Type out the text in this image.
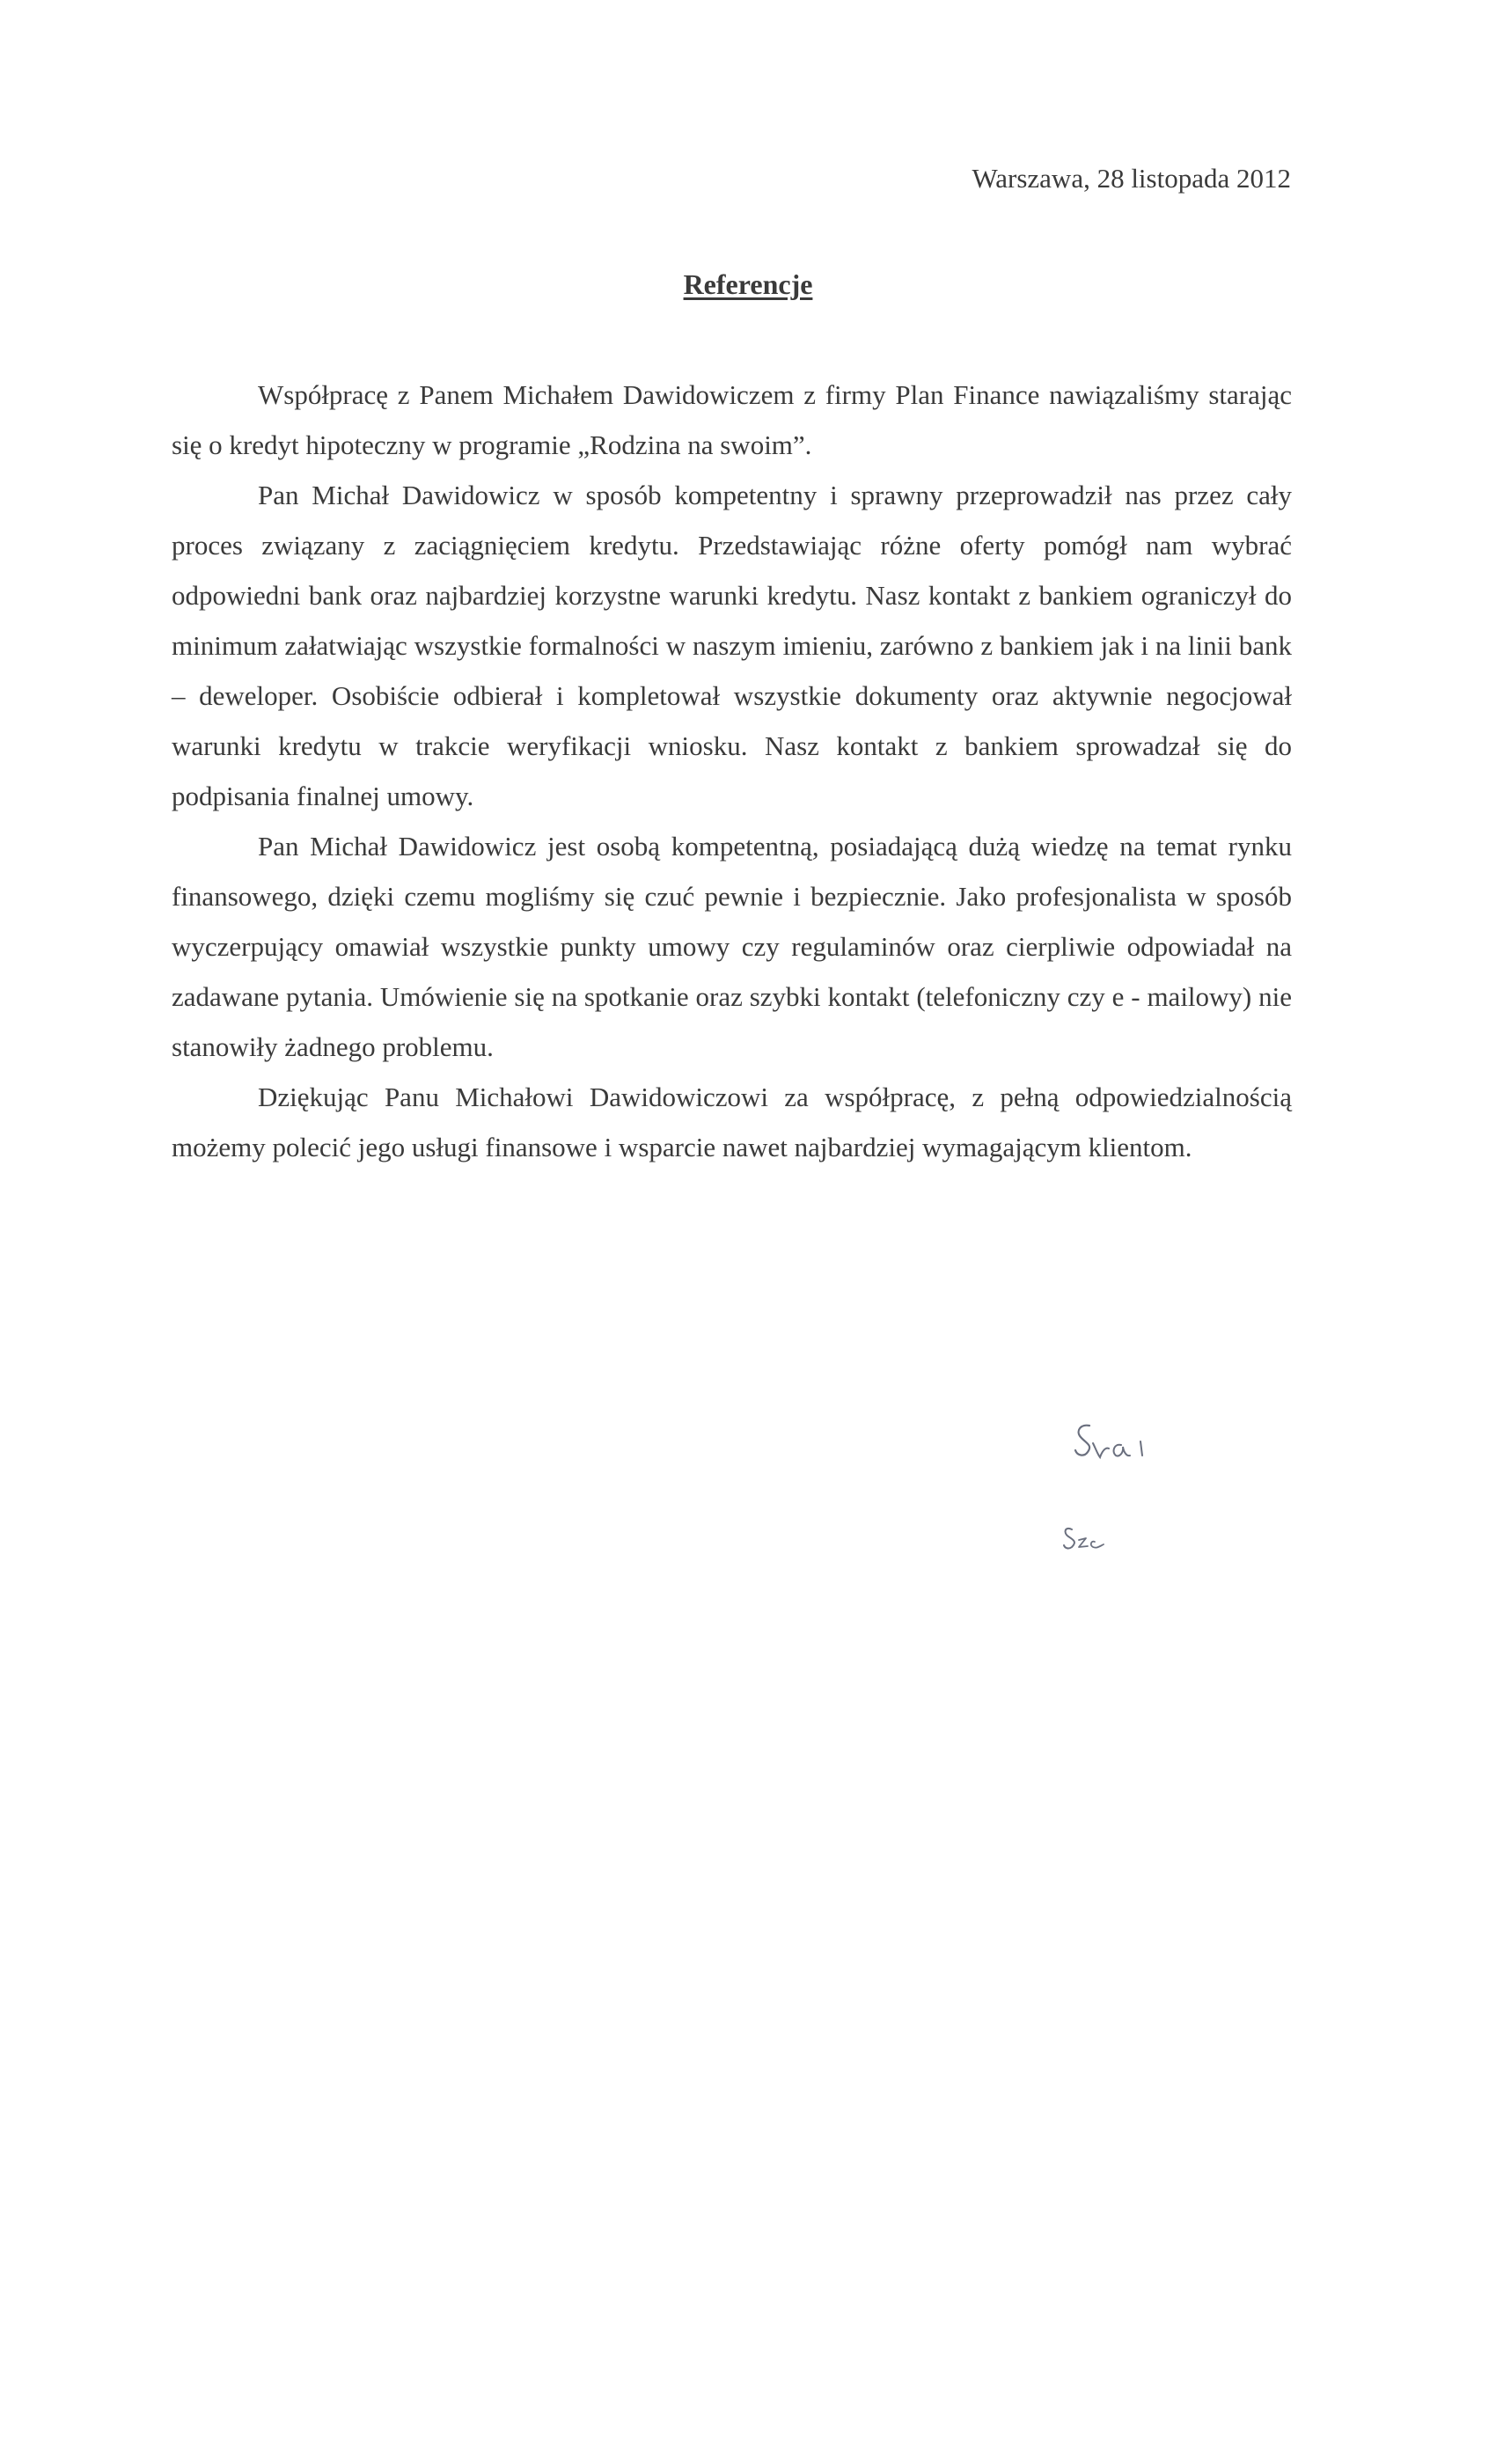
Warszawa, 28 listopada 2012
Referencje

Współpracę z Panem Michałem Dawidowiczem z firmy Plan Finance nawiązaliśmy starając się o kredyt hipoteczny w programie „Rodzina na swoim”.

Pan Michał Dawidowicz w sposób kompetentny i sprawny przeprowadził nas przez cały proces związany z zaciągnięciem kredytu. Przedstawiając różne oferty pomógł nam wybrać odpowiedni bank oraz najbardziej korzystne warunki kredytu. Nasz kontakt z bankiem ograniczył do minimum załatwiając wszystkie formalności w naszym imieniu, zarówno z bankiem jak i na linii bank – deweloper. Osobiście odbierał i kompletował wszystkie dokumenty oraz aktywnie negocjował warunki kredytu w trakcie weryfikacji wniosku. Nasz kontakt z bankiem sprowadzał się do podpisania finalnej umowy.

Pan Michał Dawidowicz jest osobą kompetentną, posiadającą dużą wiedzę na temat rynku finansowego, dzięki czemu mogliśmy się czuć pewnie i bezpiecznie. Jako profesjonalista w sposób wyczerpujący omawiał wszystkie punkty umowy czy regulaminów oraz cierpliwie odpowiadał na zadawane pytania. Umówienie się na spotkanie oraz szybki kontakt (telefoniczny czy e - mailowy) nie stanowiły żadnego problemu.

Dziękując Panu Michałowi Dawidowiczowi za współpracę, z pełną odpowiedzialnością możemy polecić jego usługi finansowe i wsparcie nawet najbardziej wymagającym klientom.
